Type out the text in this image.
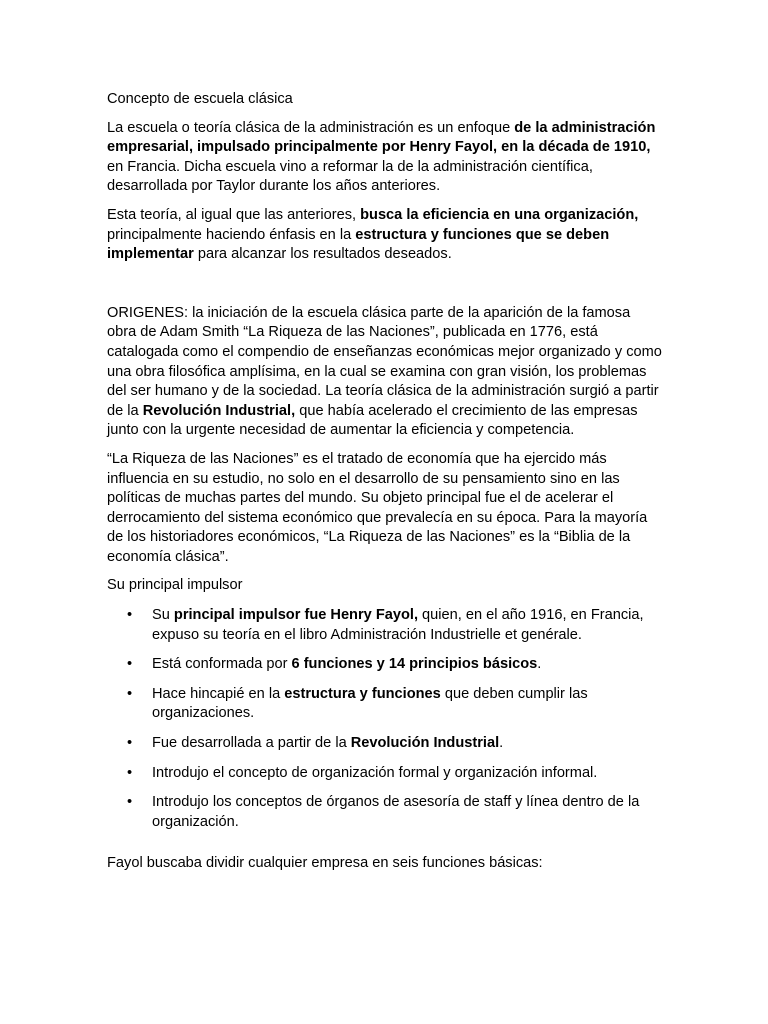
Concepto de escuela clásica

La escuela o teoría clásica de la administración es un enfoque de la administración empresarial, impulsado principalmente por Henry Fayol, en la década de 1910, en Francia. Dicha escuela vino a reformar la de la administración científica, desarrollada por Taylor durante los años anteriores.

Esta teoría, al igual que las anteriores, busca la eficiencia en una organización, principalmente haciendo énfasis en la estructura y funciones que se deben implementar para alcanzar los resultados deseados.

ORIGENES: la iniciación de la escuela clásica parte de la aparición de la famosa obra de Adam Smith “La Riqueza de las Naciones”, publicada en 1776, está catalogada como el compendio de enseñanzas económicas mejor organizado y como una obra filosófica amplísima, en la cual se examina con gran visión, los problemas del ser humano y de la sociedad. La teoría clásica de la administración surgió a partir de la Revolución Industrial, que había acelerado el crecimiento de las empresas junto con la urgente necesidad de aumentar la eficiencia y competencia.

“La Riqueza de las Naciones” es el tratado de economía que ha ejercido más influencia en su estudio, no solo en el desarrollo de su pensamiento sino en las políticas de muchas partes del mundo. Su objeto principal fue el de acelerar el derrocamiento del sistema económico que prevalecía en su época. Para la mayoría de los historiadores económicos, “La Riqueza de las Naciones” es la “Biblia de la economía clásica”.

Su principal impulsor

• Su principal impulsor fue Henry Fayol, quien, en el año 1916, en Francia, expuso su teoría en el libro Administración Industrielle et genérale.
• Está conformada por 6 funciones y 14 principios básicos.
• Hace hincapié en la estructura y funciones que deben cumplir las organizaciones.
• Fue desarrollada a partir de la Revolución Industrial.
• Introdujo el concepto de organización formal y organización informal.
• Introdujo los conceptos de órganos de asesoría de staff y línea dentro de la organización.

Fayol buscaba dividir cualquier empresa en seis funciones básicas:
